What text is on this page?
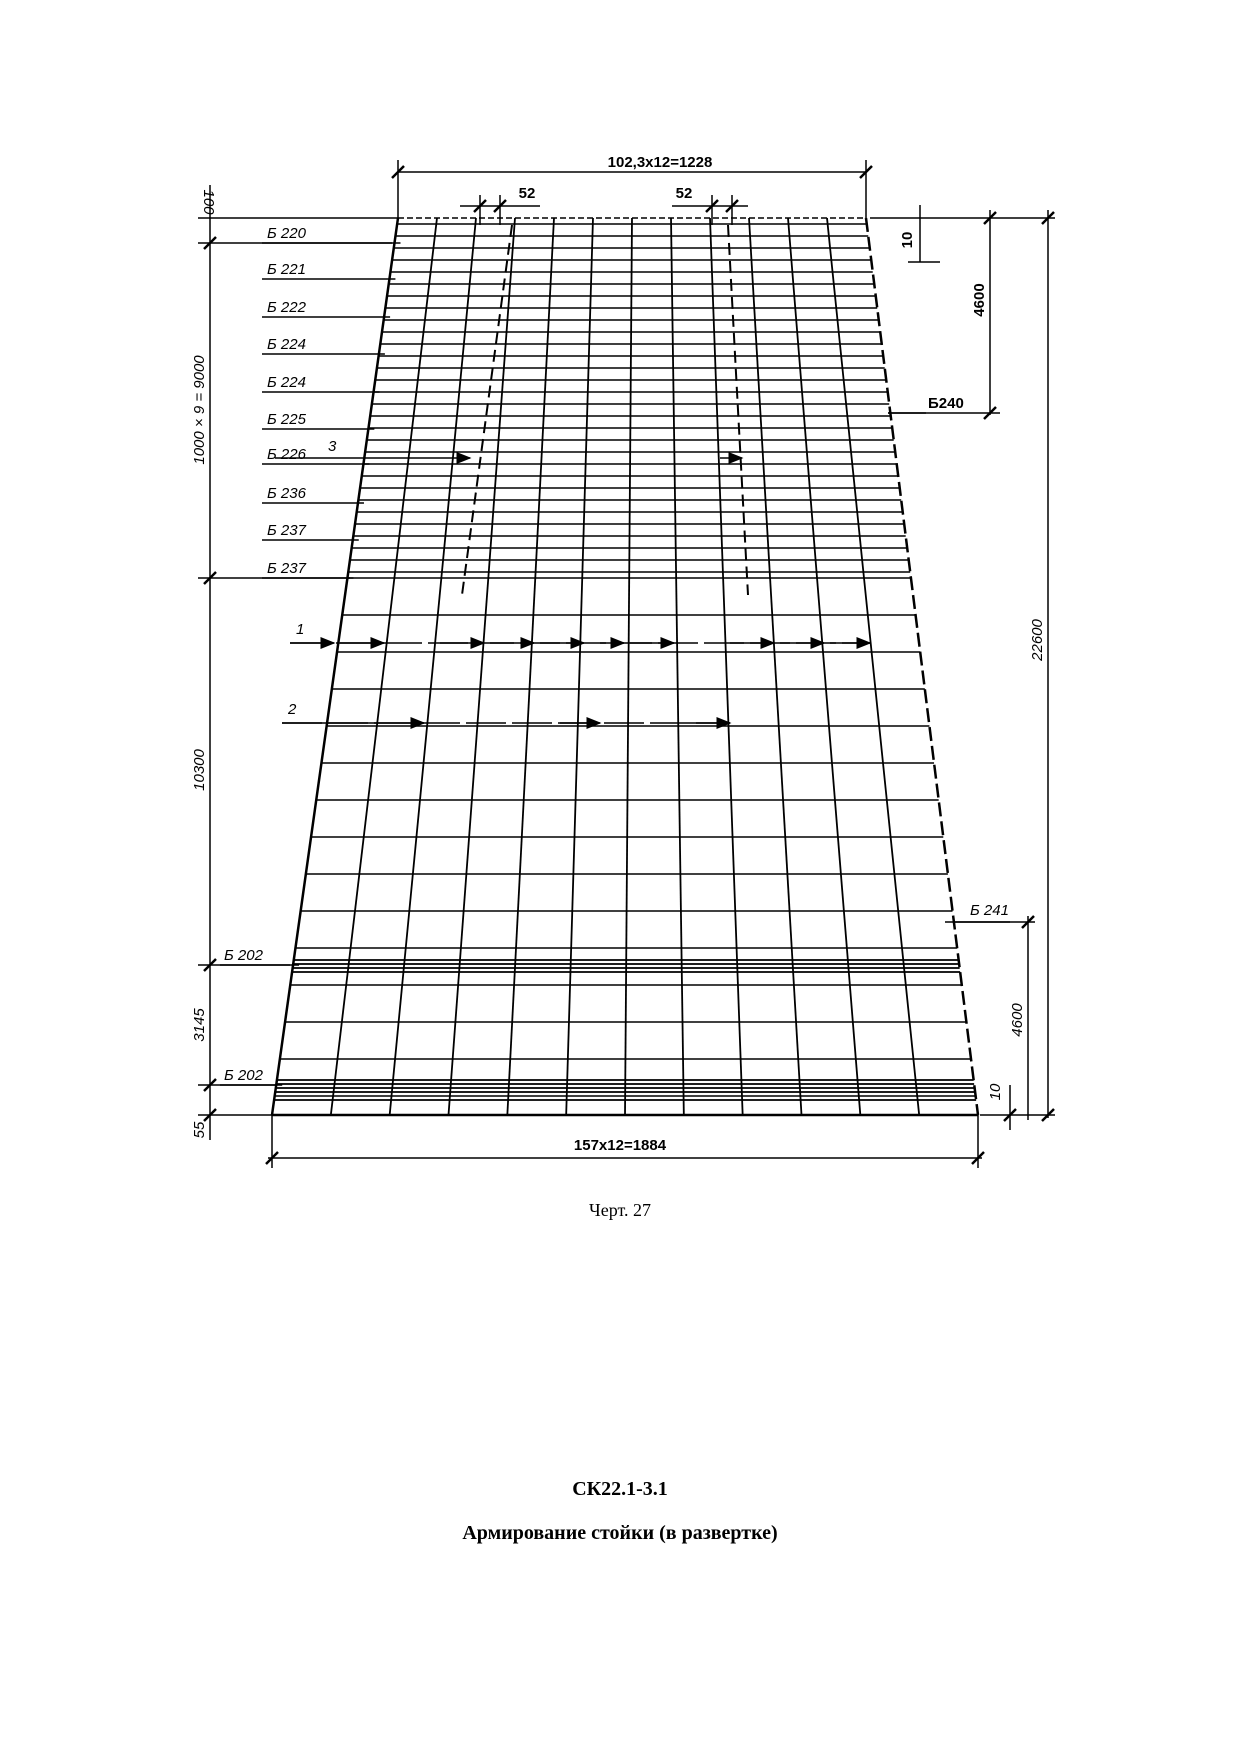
102,3x12=1228
52	52
100
1000 × 9 = 9000
10300
3145
55
Б 220
Б 221
Б 222
Б 224
Б 224
Б 225
Б 226
Б 236
Б 237
Б 237
Б 202
Б 202
1
2
3
10
4600
22600
4600
10
Б240
Б 241
157x12=1884
Черт. 27
СК22.1-3.1
Армирование стойки (в развертке)
